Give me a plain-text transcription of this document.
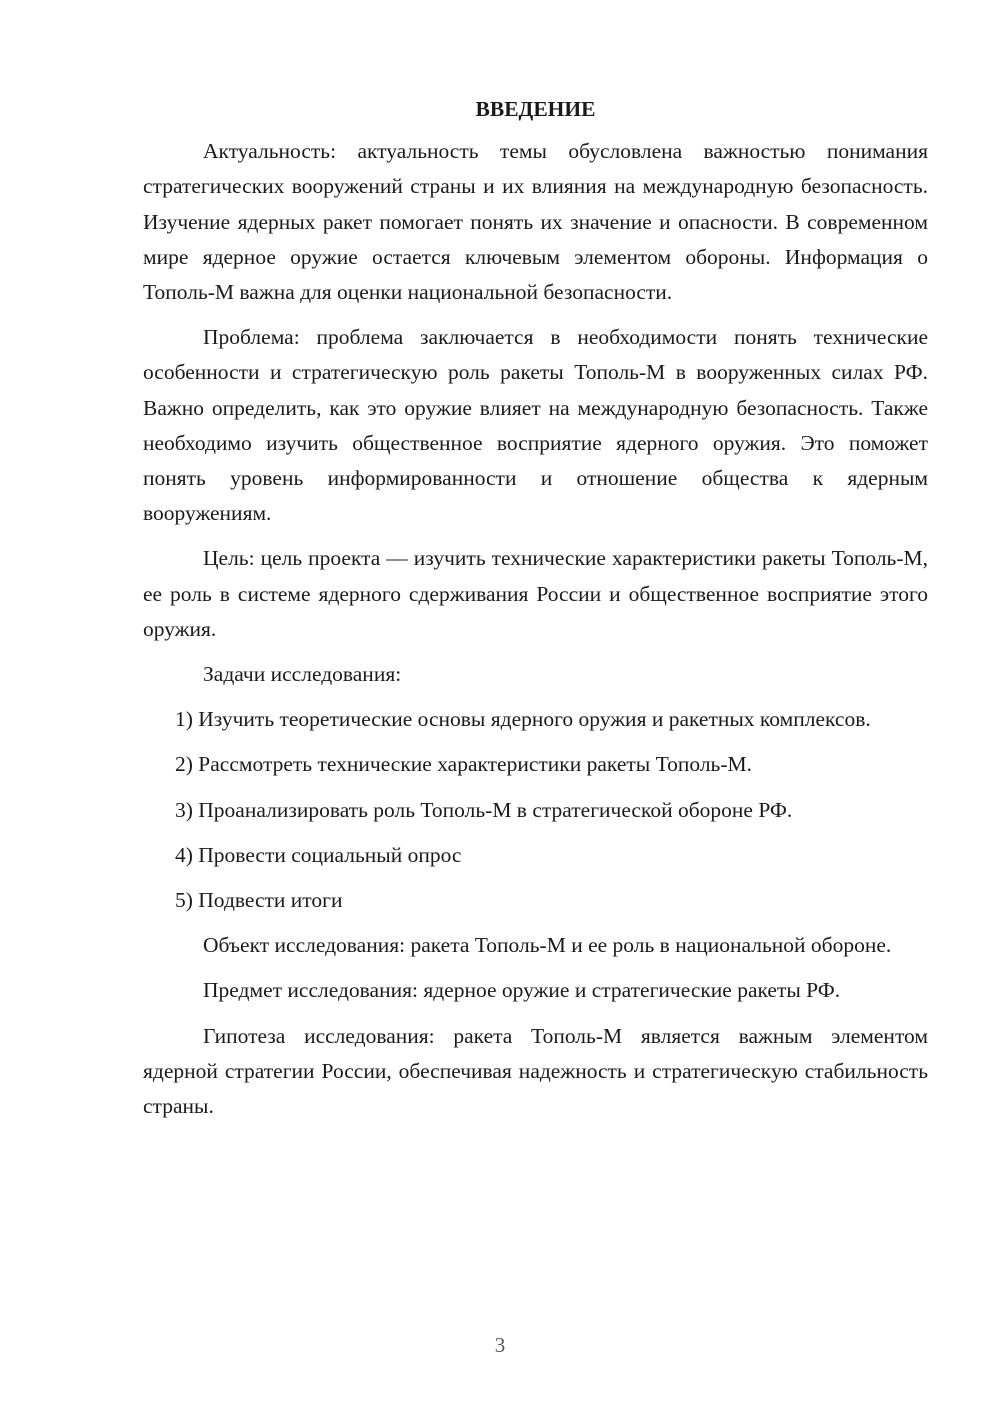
ВВЕДЕНИЕ

Актуальность: актуальность темы обусловлена важностью понимания стратегических вооружений страны и их влияния на международную безопасность. Изучение ядерных ракет помогает понять их значение и опасности. В современном мире ядерное оружие остается ключевым элементом обороны. Информация о Тополь-М важна для оценки национальной безопасности.

Проблема: проблема заключается в необходимости понять технические особенности и стратегическую роль ракеты Тополь-М в вооруженных силах РФ. Важно определить, как это оружие влияет на международную безопасность. Также необходимо изучить общественное восприятие ядерного оружия. Это поможет понять уровень информированности и отношение общества к ядерным вооружениям.

Цель: цель проекта — изучить технические характеристики ракеты Тополь-М, ее роль в системе ядерного сдерживания России и общественное восприятие этого оружия.

Задачи исследования:

1) Изучить теоретические основы ядерного оружия и ракетных комплексов.

2) Рассмотреть технические характеристики ракеты Тополь-М.

3) Проанализировать роль Тополь-М в стратегической обороне РФ.

4) Провести социальный опрос

5) Подвести итоги

Объект исследования: ракета Тополь-М и ее роль в национальной обороне.

Предмет исследования: ядерное оружие и стратегические ракеты РФ.

Гипотеза исследования: ракета Тополь-М является важным элементом ядерной стратегии России, обеспечивая надежность и стратегическую стабильность страны.

3
